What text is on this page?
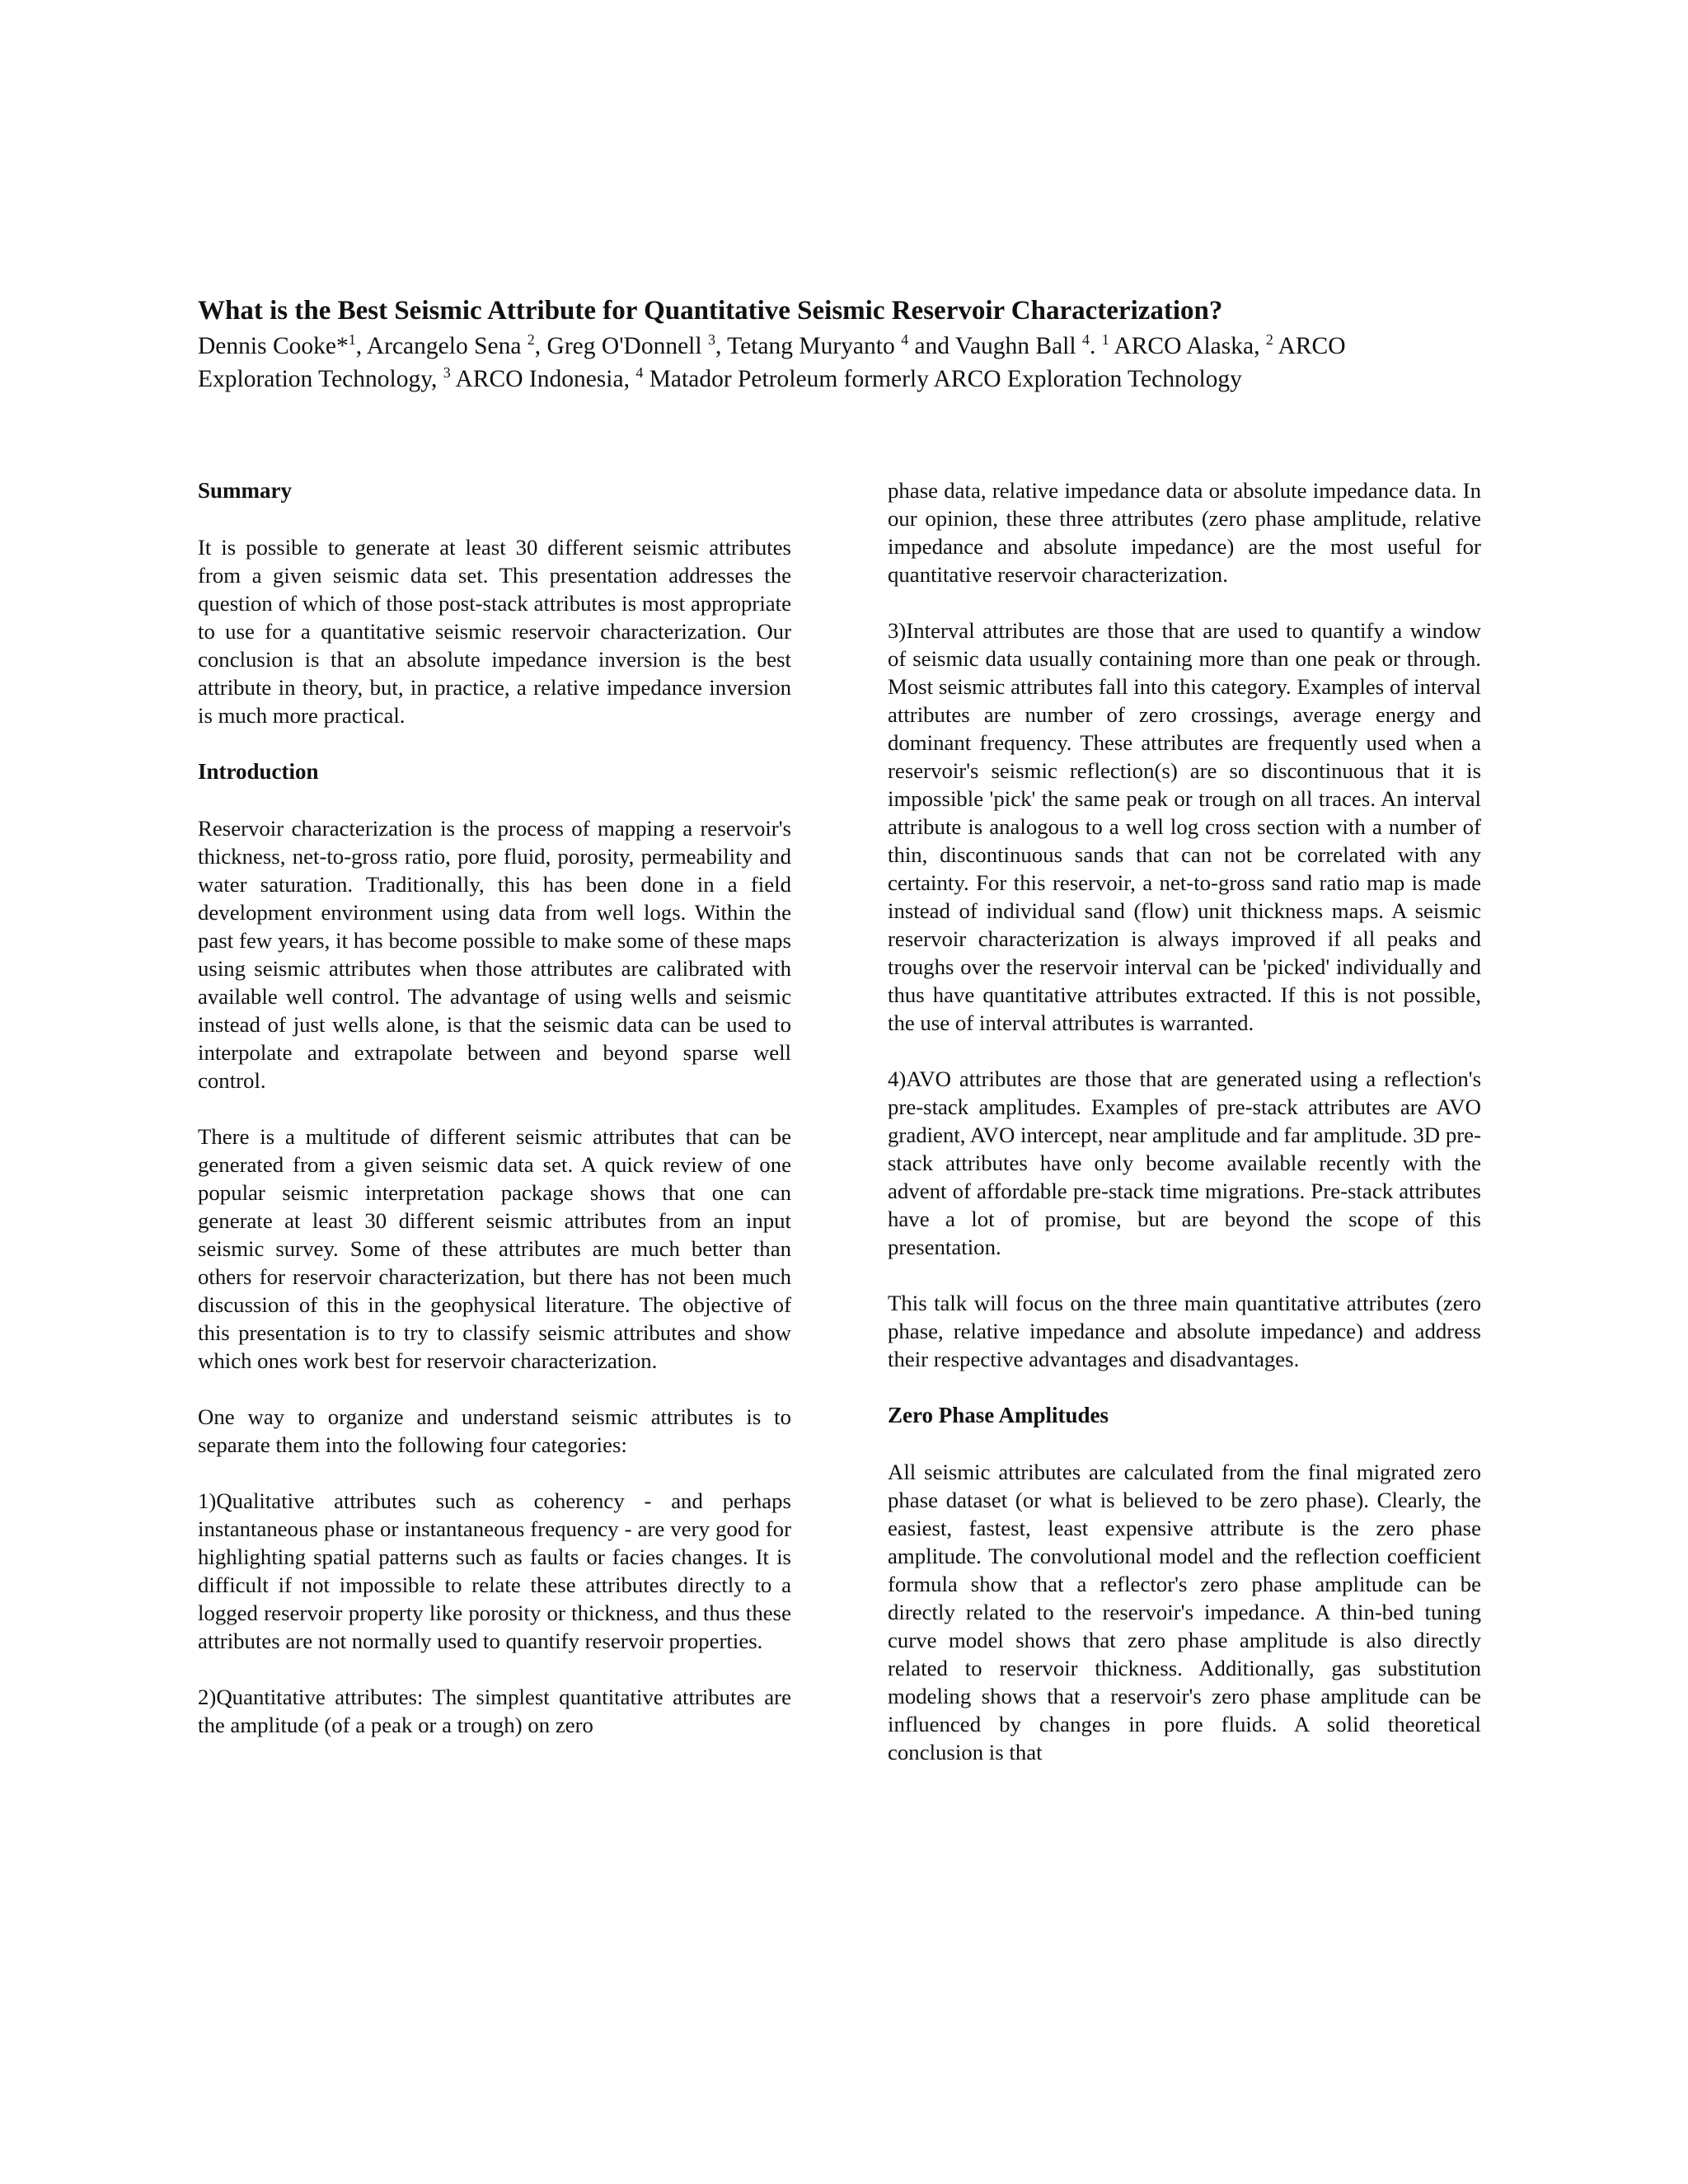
What is the Best Seismic Attribute for Quantitative Seismic Reservoir Characterization?

Dennis Cooke*$^1$, Arcangelo Sena $^2$, Greg O'Donnell $^3$, Tetang Muryanto $^4$ and Vaughn Ball $^4$. $^1$ ARCO Alaska, $^2$ ARCO Exploration Technology, $^3$ ARCO Indonesia, $^4$ Matador Petroleum formerly ARCO Exploration Technology

Summary

It is possible to generate at least 30 different seismic attributes from a given seismic data set. This presentation addresses the question of which of those post-stack attributes is most appropriate to use for a quantitative seismic reservoir characterization. Our conclusion is that an absolute impedance inversion is the best attribute in theory, but, in practice, a relative impedance inversion is much more practical.

Introduction

Reservoir characterization is the process of mapping a reservoir's thickness, net-to-gross ratio, pore fluid, porosity, permeability and water saturation. Traditionally, this has been done in a field development environment using data from well logs. Within the past few years, it has become possible to make some of these maps using seismic attributes when those attributes are calibrated with available well control. The advantage of using wells and seismic instead of just wells alone, is that the seismic data can be used to interpolate and extrapolate between and beyond sparse well control.

There is a multitude of different seismic attributes that can be generated from a given seismic data set. A quick review of one popular seismic interpretation package shows that one can generate at least 30 different seismic attributes from an input seismic survey. Some of these attributes are much better than others for reservoir characterization, but there has not been much discussion of this in the geophysical literature. The objective of this presentation is to try to classify seismic attributes and show which ones work best for reservoir characterization.

One way to organize and understand seismic attributes is to separate them into the following four categories:

1)Qualitative attributes such as coherency - and perhaps instantaneous phase or instantaneous frequency - are very good for highlighting spatial patterns such as faults or facies changes. It is difficult if not impossible to relate these attributes directly to a logged reservoir property like porosity or thickness, and thus these attributes are not normally used to quantify reservoir properties.

2)Quantitative attributes: The simplest quantitative attributes are the amplitude (of a peak or a trough) on zero

phase data, relative impedance data or absolute impedance data. In our opinion, these three attributes (zero phase amplitude, relative impedance and absolute impedance) are the most useful for quantitative reservoir characterization.

3)Interval attributes are those that are used to quantify a window of seismic data usually containing more than one peak or through. Most seismic attributes fall into this category. Examples of interval attributes are number of zero crossings, average energy and dominant frequency. These attributes are frequently used when a reservoir's seismic reflection(s) are so discontinuous that it is impossible 'pick' the same peak or trough on all traces. An interval attribute is analogous to a well log cross section with a number of thin, discontinuous sands that can not be correlated with any certainty. For this reservoir, a net-to-gross sand ratio map is made instead of individual sand (flow) unit thickness maps. A seismic reservoir characterization is always improved if all peaks and troughs over the reservoir interval can be 'picked' individually and thus have quantitative attributes extracted. If this is not possible, the use of interval attributes is warranted.

4)AVO attributes are those that are generated using a reflection's pre-stack amplitudes. Examples of pre-stack attributes are AVO gradient, AVO intercept, near amplitude and far amplitude. 3D pre-stack attributes have only become available recently with the advent of affordable pre-stack time migrations. Pre-stack attributes have a lot of promise, but are beyond the scope of this presentation.

This talk will focus on the three main quantitative attributes (zero phase, relative impedance and absolute impedance) and address their respective advantages and disadvantages.

Zero Phase Amplitudes

All seismic attributes are calculated from the final migrated zero phase dataset (or what is believed to be zero phase). Clearly, the easiest, fastest, least expensive attribute is the zero phase amplitude. The convolutional model and the reflection coefficient formula show that a reflector's zero phase amplitude can be directly related to the reservoir's impedance. A thin-bed tuning curve model shows that zero phase amplitude is also directly related to reservoir thickness. Additionally, gas substitution modeling shows that a reservoir's zero phase amplitude can be influenced by changes in pore fluids. A solid theoretical conclusion is that
